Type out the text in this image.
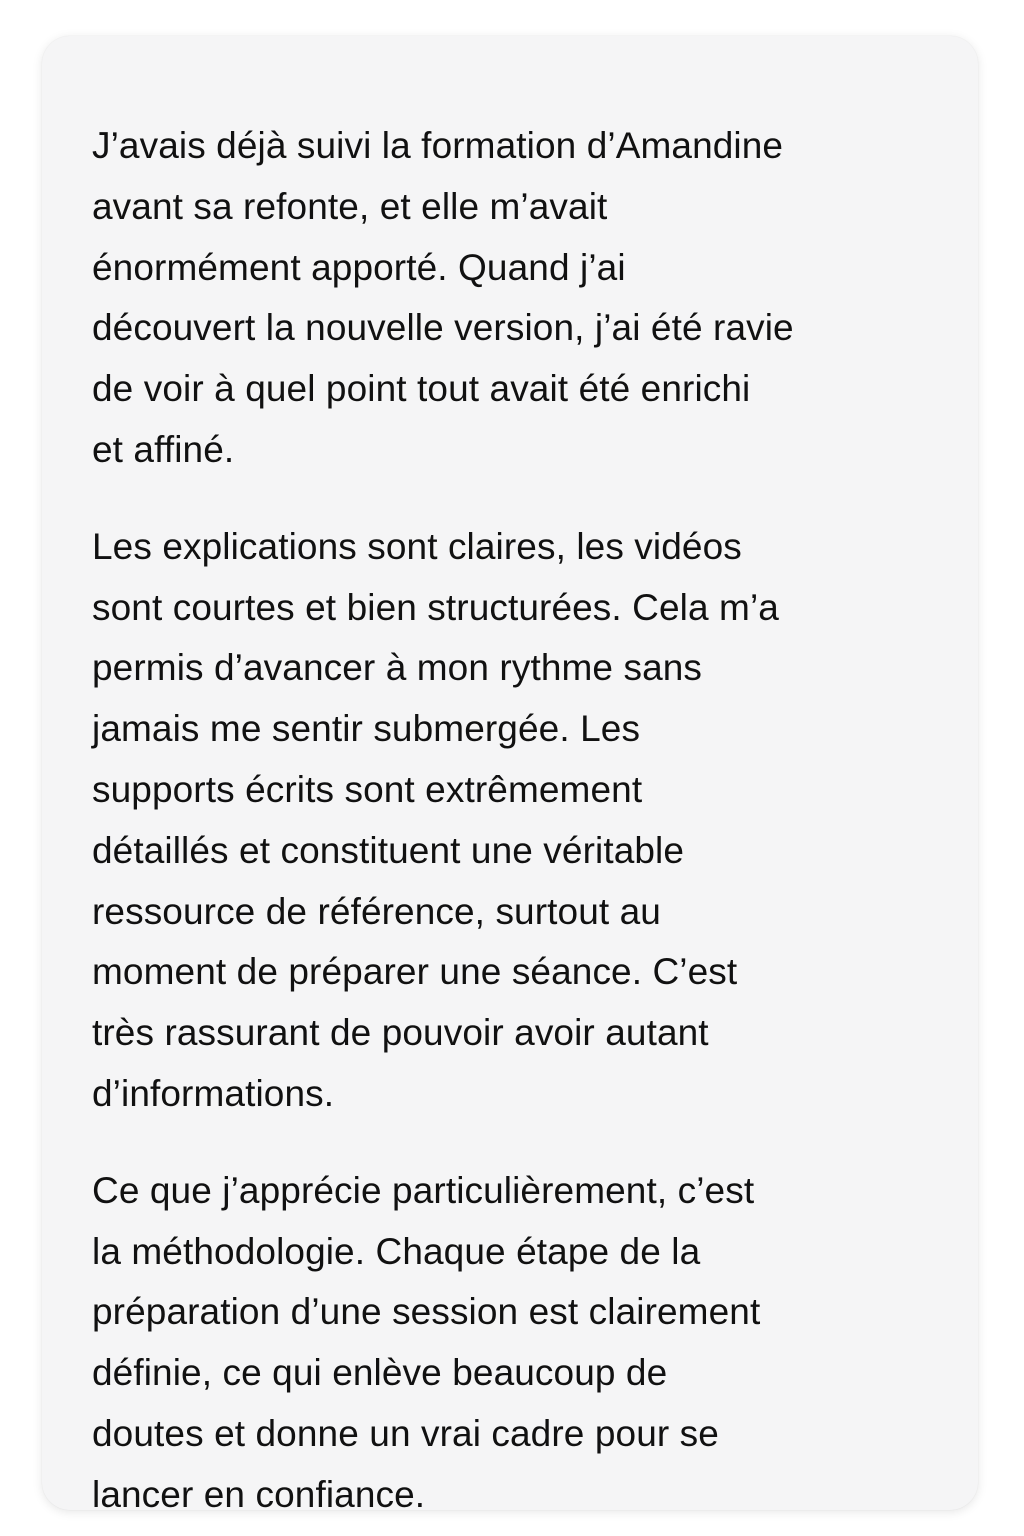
J’avais déjà suivi la formation d’Amandine
avant sa refonte, et elle m’avait
énormément apporté. Quand j’ai
découvert la nouvelle version, j’ai été ravie
de voir à quel point tout avait été enrichi
et affiné.

Les explications sont claires, les vidéos
sont courtes et bien structurées. Cela m’a
permis d’avancer à mon rythme sans
jamais me sentir submergée. Les
supports écrits sont extrêmement
détaillés et constituent une véritable
ressource de référence, surtout au
moment de préparer une séance. C’est
très rassurant de pouvoir avoir autant
d’informations.

Ce que j’apprécie particulièrement, c’est
la méthodologie. Chaque étape de la
préparation d’une session est clairement
définie, ce qui enlève beaucoup de
doutes et donne un vrai cadre pour se
lancer en confiance.
